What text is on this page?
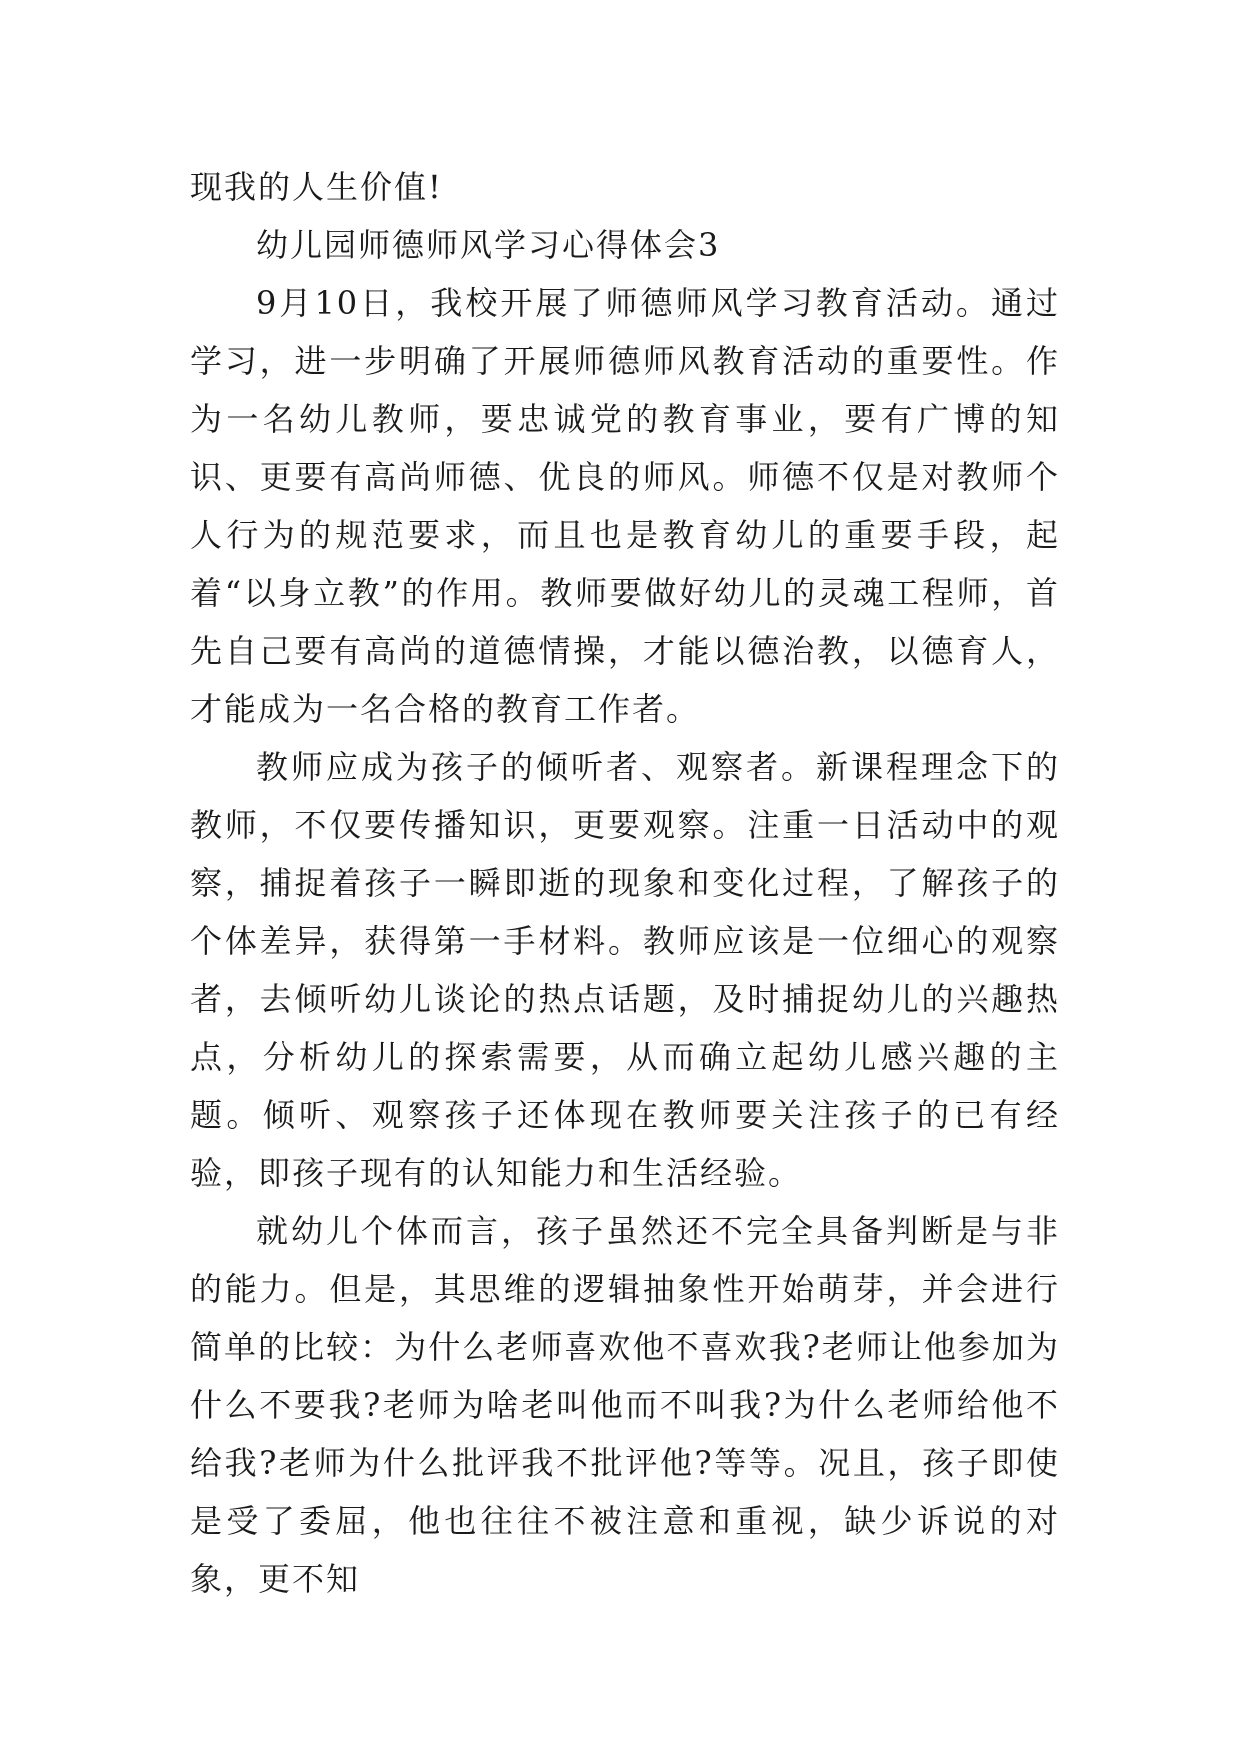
现我的人生价值!

幼儿园师德师风学习心得体会3

9月10日，我校开展了师德师风学习教育活动。通过学习，进一步明确了开展师德师风教育活动的重要性。作为一名幼儿教师，要忠诚党的教育事业，要有广博的知识、更要有高尚师德、优良的师风。师德不仅是对教师个人行为的规范要求，而且也是教育幼儿的重要手段，起着“以身立教”的作用。教师要做好幼儿的灵魂工程师，首先自己要有高尚的道德情操，才能以德治教，以德育人，才能成为一名合格的教育工作者。

教师应成为孩子的倾听者、观察者。新课程理念下的教师，不仅要传播知识，更要观察。注重一日活动中的观察，捕捉着孩子一瞬即逝的现象和变化过程，了解孩子的个体差异，获得第一手材料。教师应该是一位细心的观察者，去倾听幼儿谈论的热点话题，及时捕捉幼儿的兴趣热点，分析幼儿的探索需要，从而确立起幼儿感兴趣的主题。倾听、观察孩子还体现在教师要关注孩子的已有经验，即孩子现有的认知能力和生活经验。

就幼儿个体而言，孩子虽然还不完全具备判断是与非的能力。但是，其思维的逻辑抽象性开始萌芽，并会进行简单的比较：为什么老师喜欢他不喜欢我?老师让他参加为什么不要我?老师为啥老叫他而不叫我?为什么老师给他不给我?老师为什么批评我不批评他?等等。况且，孩子即使是受了委屈，他也往往不被注意和重视，缺少诉说的对象，更不知
